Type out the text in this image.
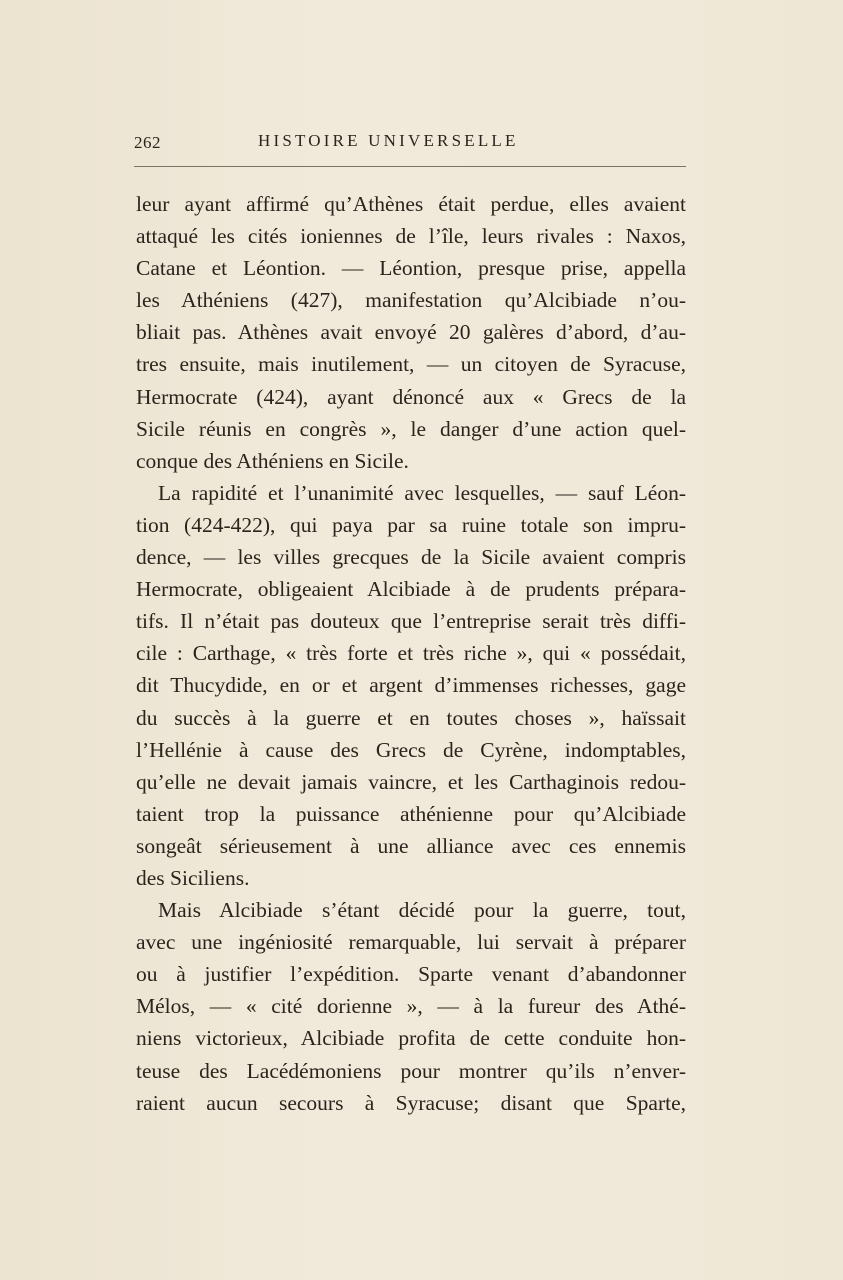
262	HISTOIRE UNIVERSELLE
leur ayant affirmé qu’Athènes était perdue, elles avaient
attaqué les cités ioniennes de l’île, leurs rivales : Naxos,
Catane et Léontion. — Léontion, presque prise, appella
les Athéniens (427), manifestation qu’Alcibiade n’ou-
bliait pas. Athènes avait envoyé 20 galères d’abord, d’au-
tres ensuite, mais inutilement, — un citoyen de Syracuse,
Hermocrate (424), ayant dénoncé aux « Grecs de la
Sicile réunis en congrès », le danger d’une action quel-
conque des Athéniens en Sicile.
La rapidité et l’unanimité avec lesquelles, — sauf Léon-
tion (424-422), qui paya par sa ruine totale son impru-
dence, — les villes grecques de la Sicile avaient compris
Hermocrate, obligeaient Alcibiade à de prudents prépara-
tifs. Il n’était pas douteux que l’entreprise serait très diffi-
cile : Carthage, « très forte et très riche », qui « possédait,
dit Thucydide, en or et argent d’immenses richesses, gage
du succès à la guerre et en toutes choses », haïssait
l’Hellénie à cause des Grecs de Cyrène, indomptables,
qu’elle ne devait jamais vaincre, et les Carthaginois redou-
taient trop la puissance athénienne pour qu’Alcibiade
songeât sérieusement à une alliance avec ces ennemis
des Siciliens.
Mais Alcibiade s’étant décidé pour la guerre, tout,
avec une ingéniosité remarquable, lui servait à préparer
ou à justifier l’expédition. Sparte venant d’abandonner
Mélos, — « cité dorienne », — à la fureur des Athé-
niens victorieux, Alcibiade profita de cette conduite hon-
teuse des Lacédémoniens pour montrer qu’ils n’enver-
raient aucun secours à Syracuse; disant que Sparte,
